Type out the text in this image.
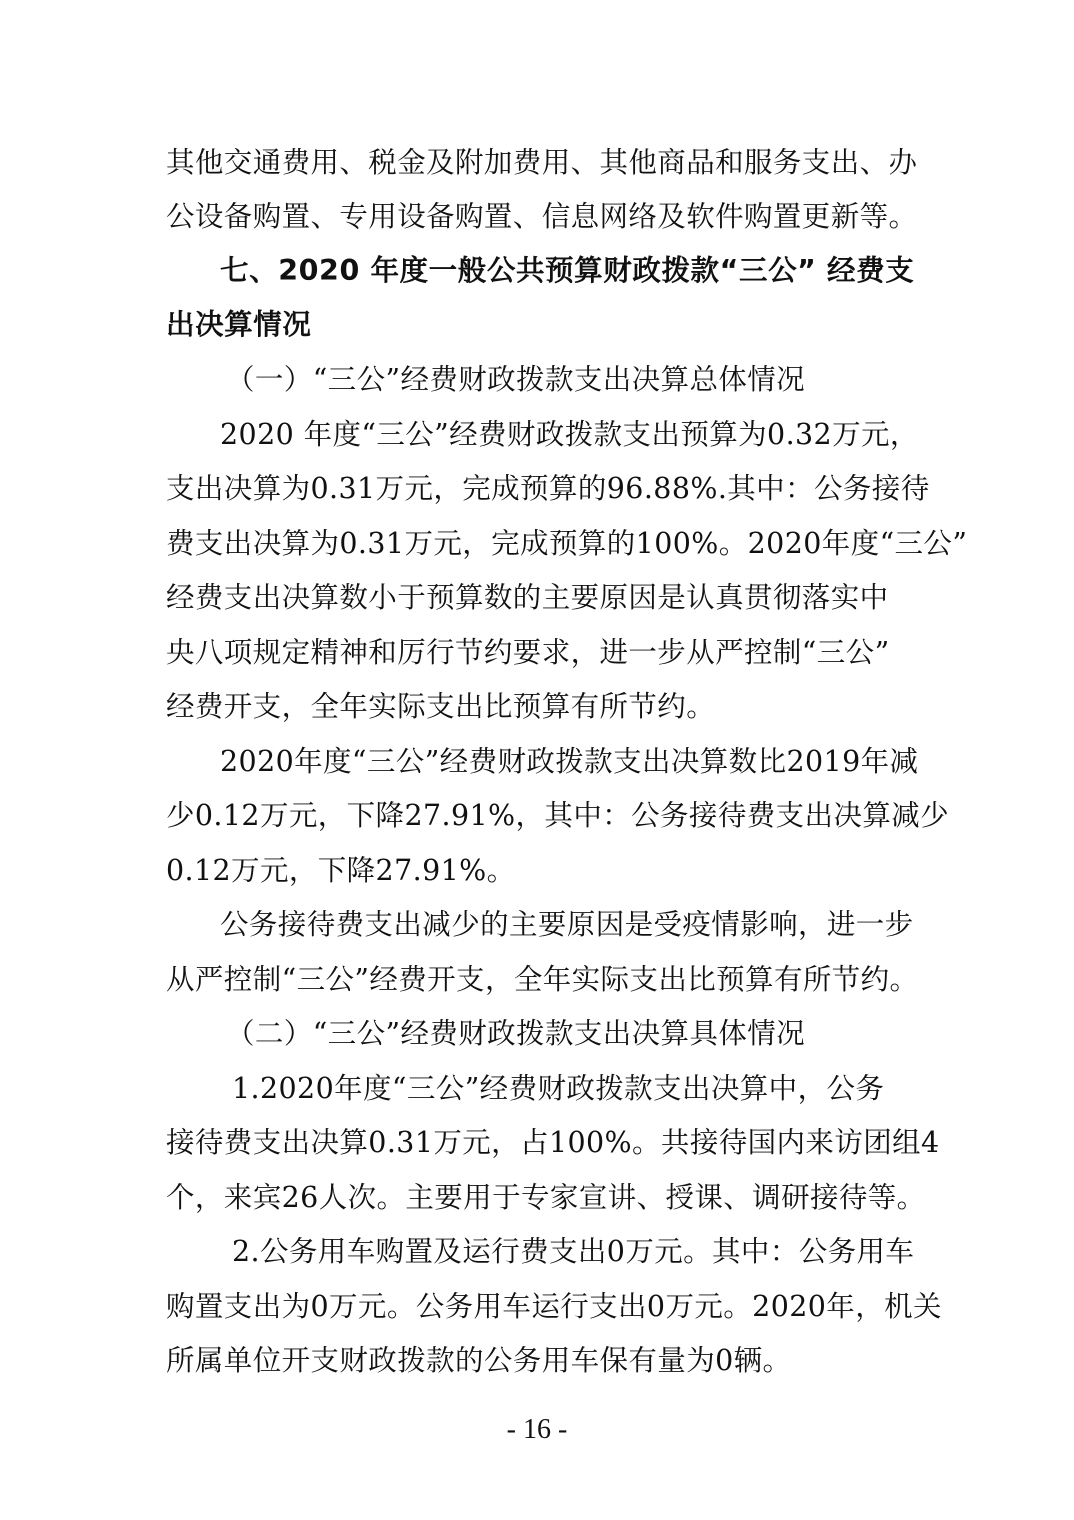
其他交通费用、税金及附加费用、其他商品和服务支出、办
公设备购置、专用设备购置、信息网络及软件购置更新等。
七、2020 年度一般公共预算财政拨款“三公” 经费支
出决算情况
（一）“三公”经费财政拨款支出决算总体情况
2020 年度“三公”经费财政拨款支出预算为0.32万元，
支出决算为0.31万元，完成预算的96.88%.其中：公务接待
费支出决算为0.31万元，完成预算的100%。2020年度“三公”
经费支出决算数小于预算数的主要原因是认真贯彻落实中
央八项规定精神和厉行节约要求，进一步从严控制“三公”
经费开支，全年实际支出比预算有所节约。
2020年度“三公”经费财政拨款支出决算数比2019年减
少0.12万元，下降27.91%，其中：公务接待费支出决算减少
0.12万元，下降27.91%。
公务接待费支出减少的主要原因是受疫情影响，进一步
从严控制“三公”经费开支，全年实际支出比预算有所节约。
（二）“三公”经费财政拨款支出决算具体情况
1.2020年度“三公”经费财政拨款支出决算中，公务
接待费支出决算0.31万元，占100%。共接待国内来访团组4
个，来宾26人次。主要用于专家宣讲、授课、调研接待等。
2.公务用车购置及运行费支出0万元。其中：公务用车
购置支出为0万元。公务用车运行支出0万元。2020年，机关
所属单位开支财政拨款的公务用车保有量为0辆。
- 16 -
